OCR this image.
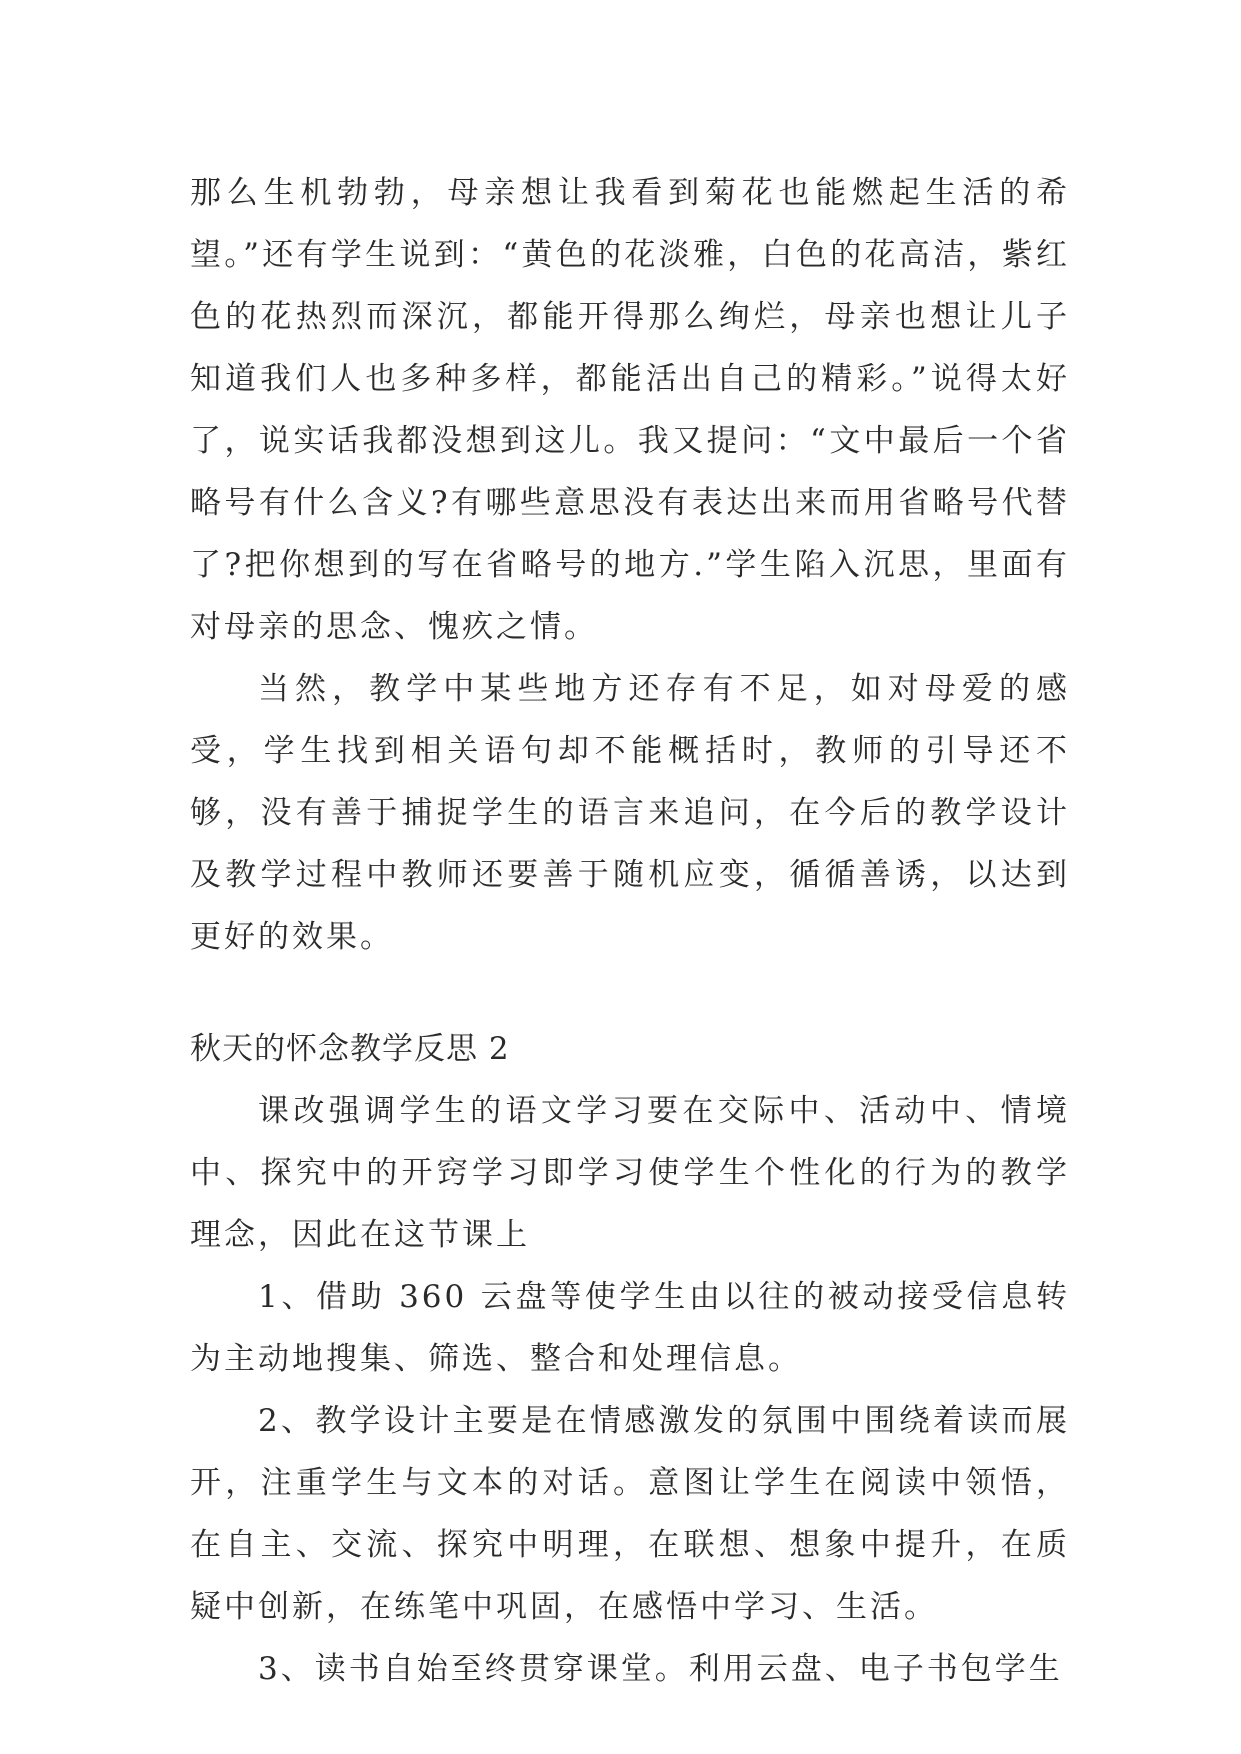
那么生机勃勃，母亲想让我看到菊花也能燃起生活的希望。”还有学生说到：“黄色的花淡雅，白色的花高洁，紫红色的花热烈而深沉，都能开得那么绚烂，母亲也想让儿子知道我们人也多种多样，都能活出自己的精彩。”说得太好了，说实话我都没想到这儿。我又提问：“文中最后一个省略号有什么含义?有哪些意思没有表达出来而用省略号代替了?把你想到的写在省略号的地方.”学生陷入沉思，里面有对母亲的思念、愧疚之情。

当然，教学中某些地方还存有不足，如对母爱的感受，学生找到相关语句却不能概括时，教师的引导还不够，没有善于捕捉学生的语言来追问，在今后的教学设计及教学过程中教师还要善于随机应变，循循善诱，以达到更好的效果。

秋天的怀念教学反思 2

课改强调学生的语文学习要在交际中、活动中、情境中、探究中的开窍学习即学习使学生个性化的行为的教学理念，因此在这节课上

1、借助 360 云盘等使学生由以往的被动接受信息转为主动地搜集、筛选、整合和处理信息。

2、教学设计主要是在情感激发的氛围中围绕着读而展开，注重学生与文本的对话。意图让学生在阅读中领悟，在自主、交流、探究中明理，在联想、想象中提升，在质疑中创新，在练笔中巩固，在感悟中学习、生活。

3、读书自始至终贯穿课堂。利用云盘、电子书包学生
